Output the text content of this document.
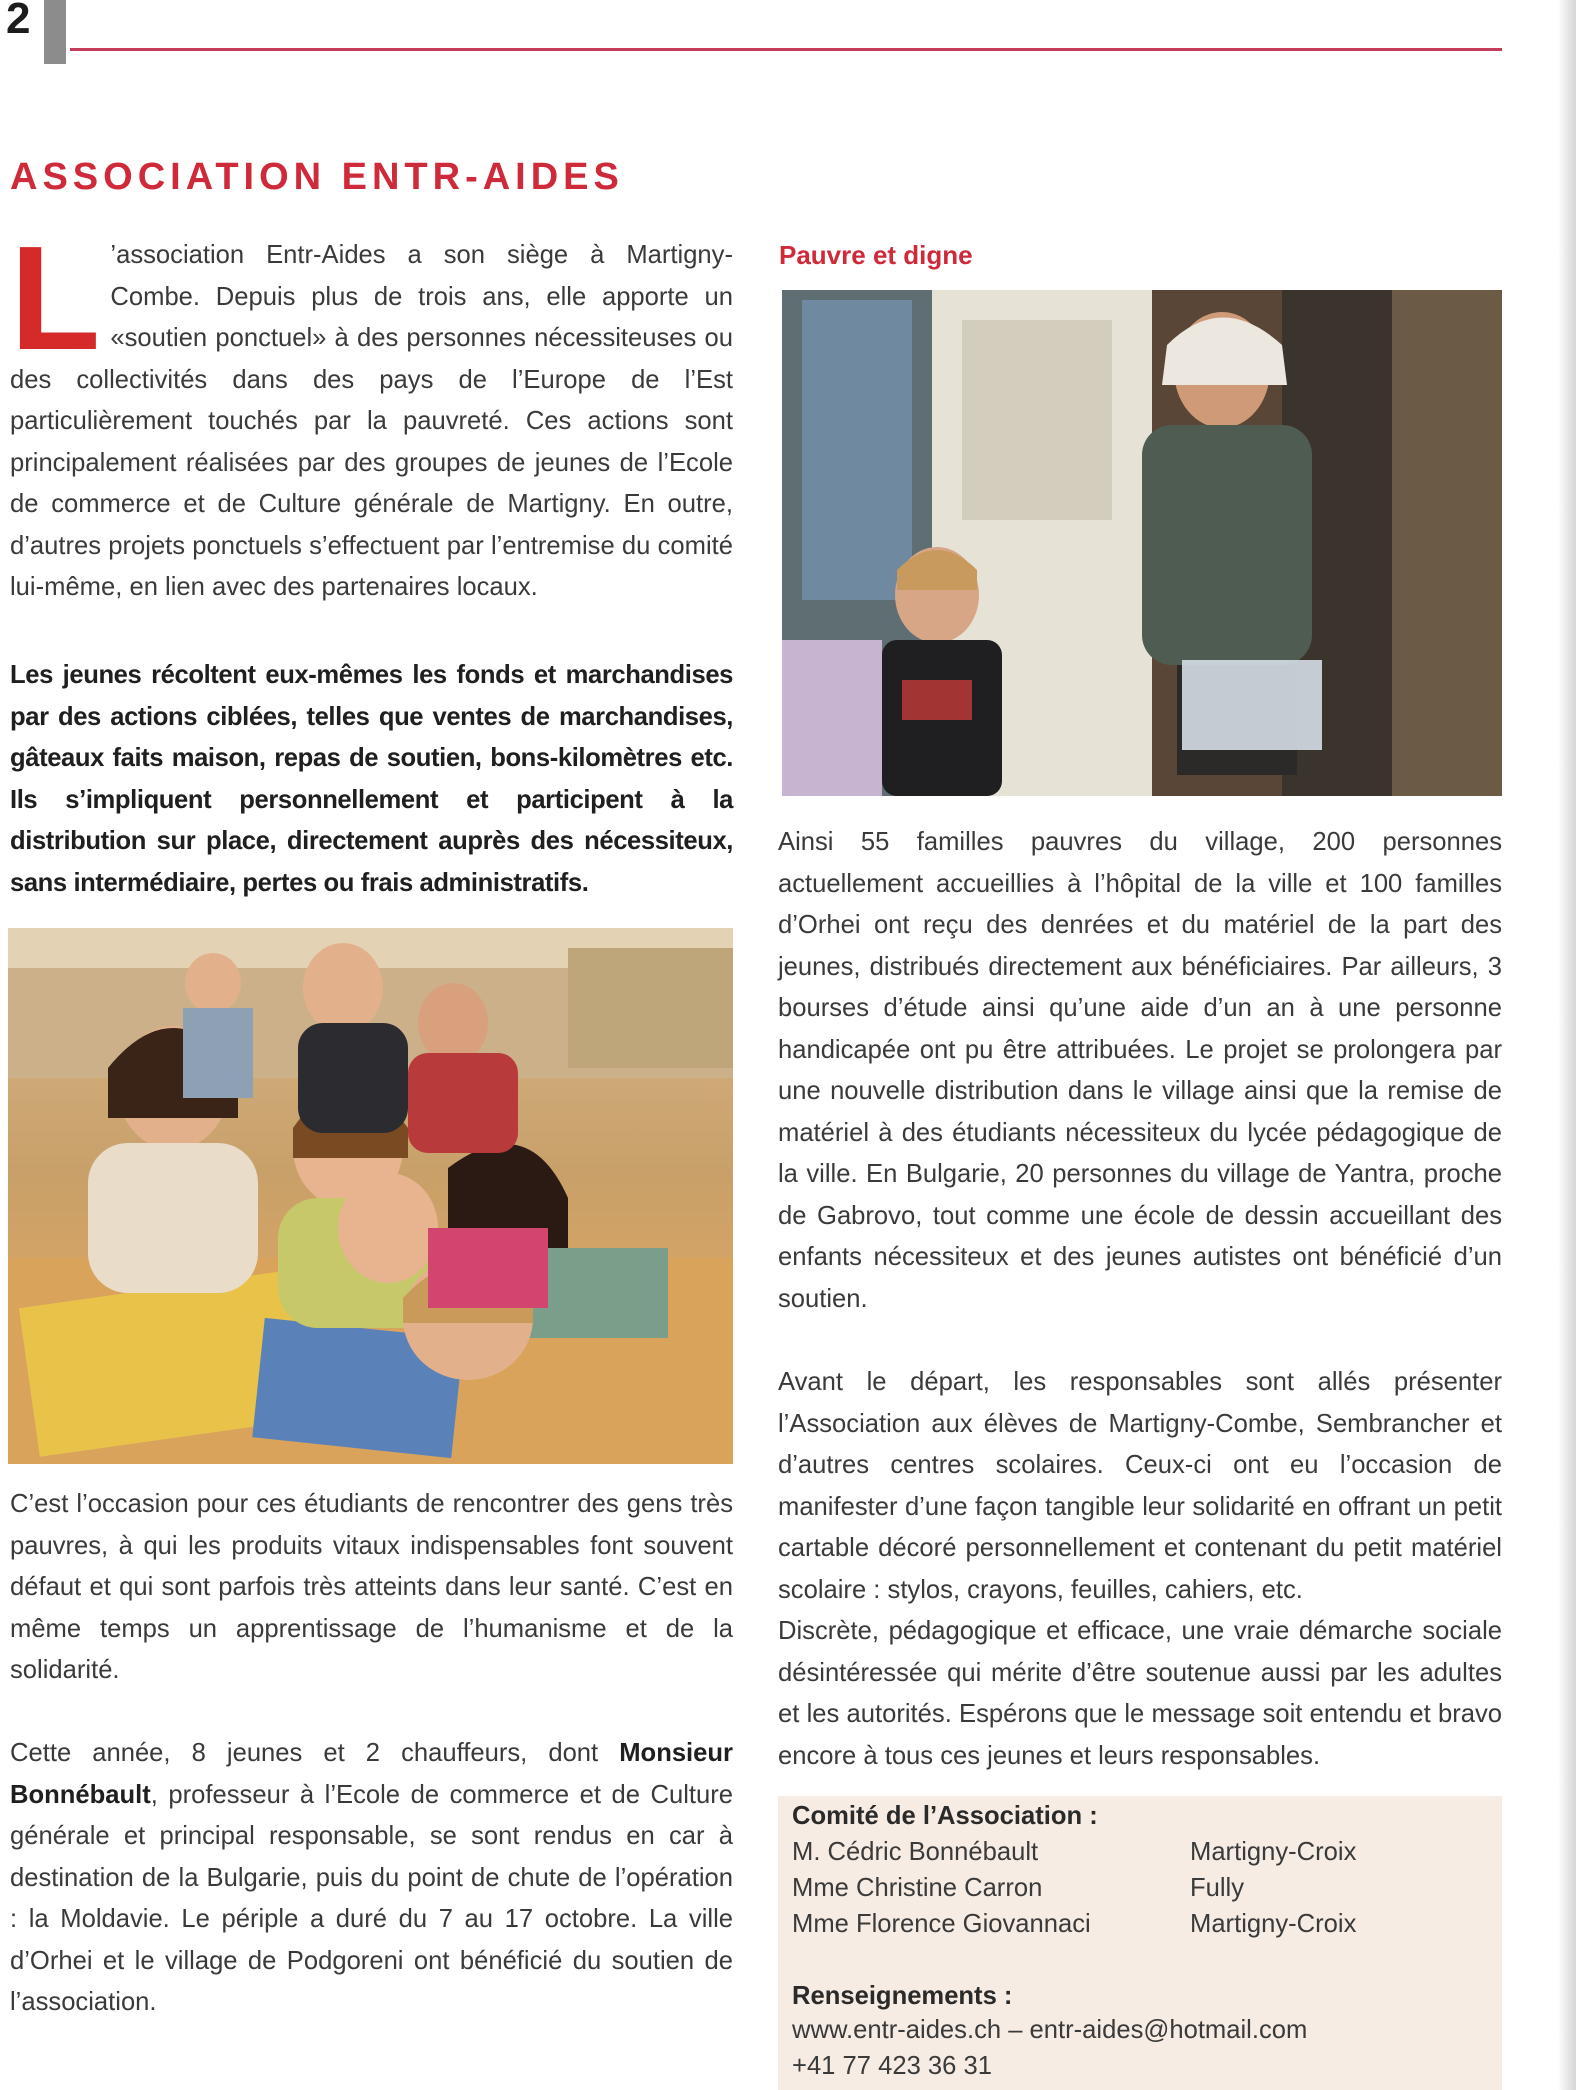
2
ASSOCIATION ENTR-AIDES

L ’association Entr-Aides a son siège à Martigny-Combe. Depuis plus de trois ans, elle apporte un «soutien ponctuel» à des personnes nécessiteuses ou des collectivités dans des pays de l’Europe de l’Est particulièrement touchés par la pauvreté. Ces actions sont principalement réalisées par des groupes de jeunes de l’Ecole de commerce et de Culture générale de Martigny. En outre, d’autres projets ponctuels s’effectuent par l’entremise du comité lui-même, en lien avec des partenaires locaux.

Les jeunes récoltent eux-mêmes les fonds et marchandises par des actions ciblées, telles que ventes de marchandises, gâteaux faits maison, repas de soutien, bons-kilomètres etc. Ils s’impliquent personnellement et participent à la distribution sur place, directement auprès des nécessiteux, sans intermédiaire, pertes ou frais administratifs.

C’est l’occasion pour ces étudiants de rencontrer des gens très pauvres, à qui les produits vitaux indispensables font souvent défaut et qui sont parfois très atteints dans leur santé. C’est en même temps un apprentissage de l’humanisme et de la solidarité.

Cette année, 8 jeunes et 2 chauffeurs, dont Monsieur Bonnébault, professeur à l’Ecole de commerce et de Culture générale et principal responsable, se sont rendus en car à destination de la Bulgarie, puis du point de chute de l’opération : la Moldavie. Le périple a duré du 7 au 17 octobre. La ville d’Orhei et le village de Podgoreni ont bénéficié du soutien de l’association.

Pauvre et digne

Ainsi 55 familles pauvres du village, 200 personnes actuellement accueillies à l’hôpital de la ville et 100 familles d’Orhei ont reçu des denrées et du matériel de la part des jeunes, distribués directement aux bénéficiaires. Par ailleurs, 3 bourses d’étude ainsi qu’une aide d’un an à une personne handicapée ont pu être attribuées. Le projet se prolongera par une nouvelle distribution dans le village ainsi que la remise de matériel à des étudiants nécessiteux du lycée pédagogique de la ville. En Bulgarie, 20 personnes du village de Yantra, proche de Gabrovo, tout comme une école de dessin accueillant des enfants nécessiteux et des jeunes autistes ont bénéficié d’un soutien.

Avant le départ, les responsables sont allés présenter l’Association aux élèves de Martigny-Combe, Sembrancher et d’autres centres scolaires. Ceux-ci ont eu l’occasion de manifester d’une façon tangible leur solidarité en offrant un petit cartable décoré personnellement et contenant du petit matériel scolaire : stylos, crayons, feuilles, cahiers, etc.

Discrète, pédagogique et efficace, une vraie démarche sociale désintéressée qui mérite d’être soutenue aussi par les adultes et les autorités. Espérons que le message soit entendu et bravo encore à tous ces jeunes et leurs responsables.

Comité de l’Association :
M. Cédric Bonnébault	Martigny-Croix
Mme Christine Carron	Fully
Mme Florence Giovannaci	Martigny-Croix
Renseignements :
www.entr-aides.ch – entr-aides@hotmail.com
+41 77 423 36 31
